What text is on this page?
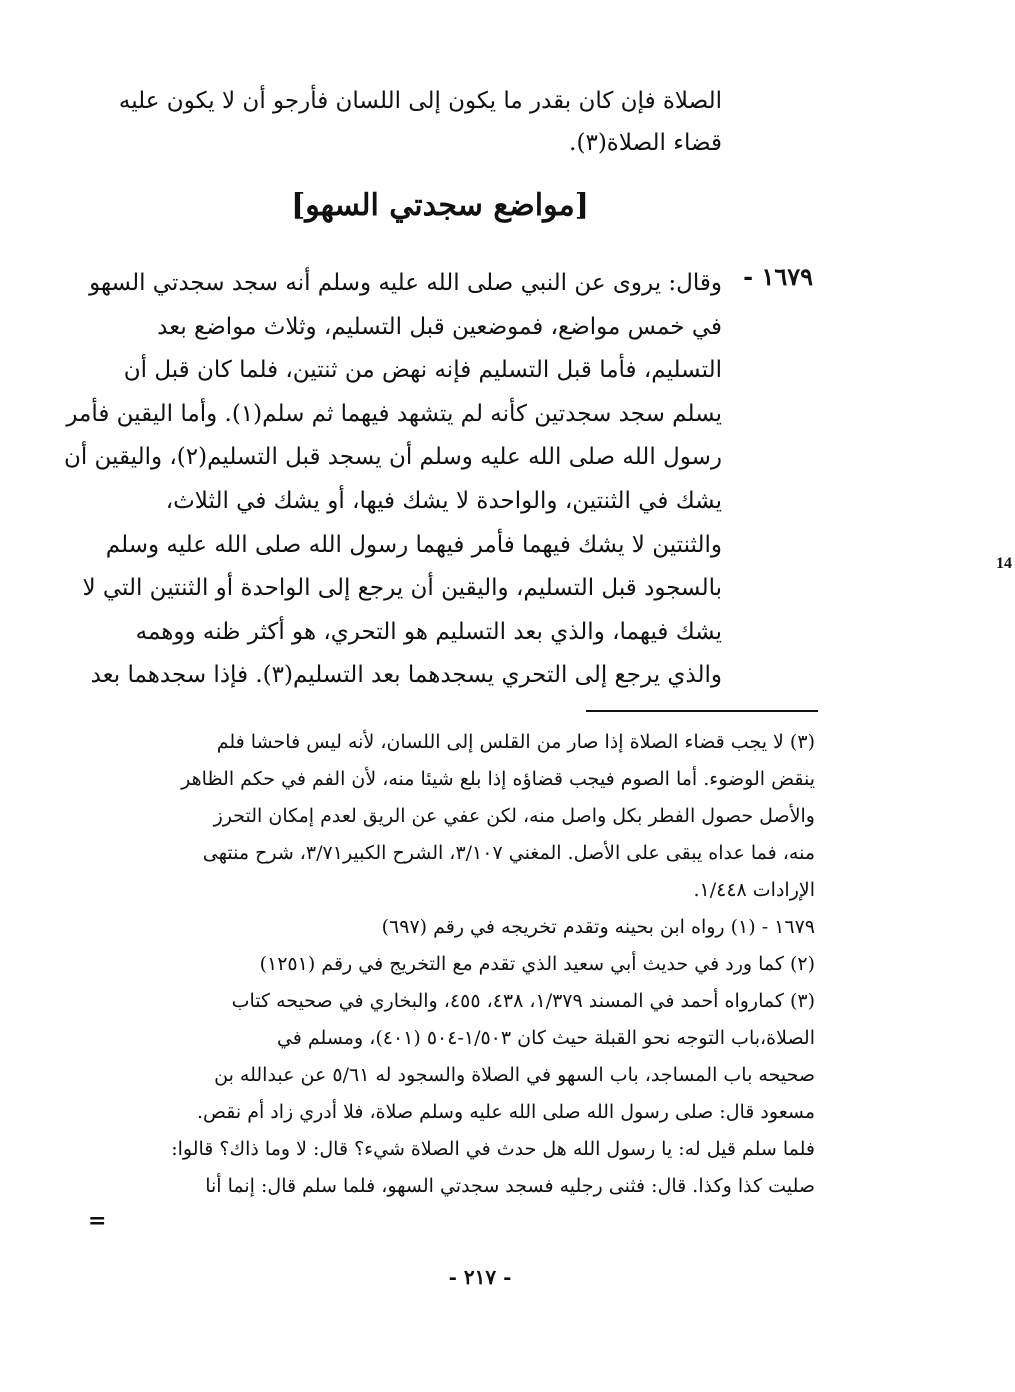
الصلاة فإن كان بقدر ما يكون إلى اللسان فأرجو أن لا يكون عليه
قضاء الصلاة(٣).
[مواضع سجدتي السهو]
١٦٧٩ -
وقال: يروى عن النبي صلى الله عليه وسلم أنه سجد سجدتي السهو
في خمس مواضع، فموضعين قبل التسليم، وثلاث مواضع بعد
التسليم، فأما قبل التسليم فإنه نهض من ثنتين، فلما كان قبل أن
يسلم سجد سجدتين كأنه لم يتشهد فيهما ثم سلم(١). وأما اليقين فأمر
رسول الله صلى الله عليه وسلم أن يسجد قبل التسليم(٢)، واليقين أن
يشك في الثنتين، والواحدة لا يشك فيها، أو يشك في الثلاث،
والثنتين لا يشك فيهما فأمر فيهما رسول الله صلى الله عليه وسلم
بالسجود قبل التسليم، واليقين أن يرجع إلى الواحدة أو الثنتين التي لا
يشك فيهما، والذي بعد التسليم هو التحري، هو أكثر ظنه ووهمه
والذي يرجع إلى التحري يسجدهما بعد التسليم(٣). فإذا سجدهما بعد
14
(٣) لا يجب قضاء الصلاة إذا صار من القلس إلى اللسان، لأنه ليس فاحشا فلم
ينقض الوضوء. أما الصوم فيجب قضاؤه إذا بلع شيئا منه، لأن الفم في حكم الظاهر
والأصل حصول الفطر بكل واصل منه، لكن عفي عن الريق لعدم إمكان التحرز
منه، فما عداه يبقى على الأصل. المغني ٣/١٠٧، الشرح الكبير٣/٧١، شرح منتهى
الإرادات ١/٤٤٨.
١٦٧٩ - (١) رواه ابن بحينه وتقدم تخريجه في رقم (٦٩٧)
(٢) كما ورد في حديث أبي سعيد الذي تقدم مع التخريج في رقم (١٢٥١)
(٣) كمارواه أحمد في المسند ١/٣٧٩، ٤٣٨، ٤٥٥، والبخاري في صحيحه كتاب
الصلاة،باب التوجه نحو القبلة حيث كان ١/٥٠٣-٥٠٤ (٤٠١)، ومسلم في
صحيحه باب المساجد، باب السهو في الصلاة والسجود له ٥/٦١ عن عبدالله بن
مسعود قال: صلى رسول الله صلى الله عليه وسلم صلاة، فلا أدري زاد أم نقص.
فلما سلم قيل له: يا رسول الله هل حدث في الصلاة شيء؟ قال: لا وما ذاك؟ قالوا:
صليت كذا وكذا. قال: فثنى رجليه فسجد سجدتي السهو، فلما سلم قال: إنما أنا
=
- ٢١٧ -
